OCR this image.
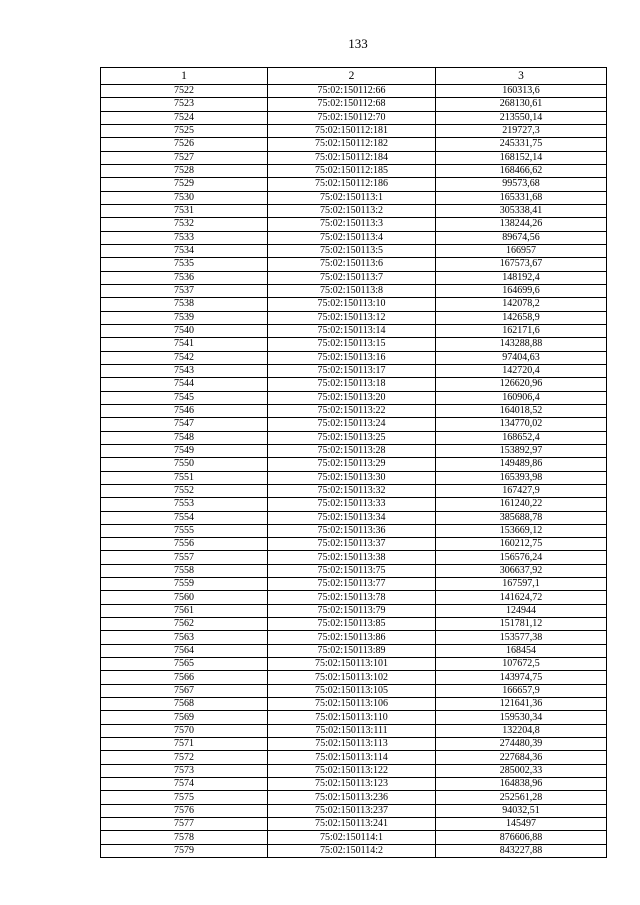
133
1	2	3
7522	75:02:150112:66	160313,6
7523	75:02:150112:68	268130,61
7524	75:02:150112:70	213550,14
7525	75:02:150112:181	219727,3
7526	75:02:150112:182	245331,75
7527	75:02:150112:184	168152,14
7528	75:02:150112:185	168466,62
7529	75:02:150112:186	99573,68
7530	75:02:150113:1	165331,68
7531	75:02:150113:2	305338,41
7532	75:02:150113:3	138244,26
7533	75:02:150113:4	89674,56
7534	75:02:150113:5	166957
7535	75:02:150113:6	167573,67
7536	75:02:150113:7	148192,4
7537	75:02:150113:8	164699,6
7538	75:02:150113:10	142078,2
7539	75:02:150113:12	142658,9
7540	75:02:150113:14	162171,6
7541	75:02:150113:15	143288,88
7542	75:02:150113:16	97404,63
7543	75:02:150113:17	142720,4
7544	75:02:150113:18	126620,96
7545	75:02:150113:20	160906,4
7546	75:02:150113:22	164018,52
7547	75:02:150113:24	134770,02
7548	75:02:150113:25	168652,4
7549	75:02:150113:28	153892,97
7550	75:02:150113:29	149489,86
7551	75:02:150113:30	165393,98
7552	75:02:150113:32	167427,9
7553	75:02:150113:33	161240,22
7554	75:02:150113:34	385688,78
7555	75:02:150113:36	153669,12
7556	75:02:150113:37	160212,75
7557	75:02:150113:38	156576,24
7558	75:02:150113:75	306637,92
7559	75:02:150113:77	167597,1
7560	75:02:150113:78	141624,72
7561	75:02:150113:79	124944
7562	75:02:150113:85	151781,12
7563	75:02:150113:86	153577,38
7564	75:02:150113:89	168454
7565	75:02:150113:101	107672,5
7566	75:02:150113:102	143974,75
7567	75:02:150113:105	166657,9
7568	75:02:150113:106	121641,36
7569	75:02:150113:110	159530,34
7570	75:02:150113:111	132204,8
7571	75:02:150113:113	274480,39
7572	75:02:150113:114	227684,36
7573	75:02:150113:122	285002,33
7574	75:02:150113:123	164838,96
7575	75:02:150113:236	252561,28
7576	75:02:150113:237	94032,51
7577	75:02:150113:241	145497
7578	75:02:150114:1	876606,88
7579	75:02:150114:2	843227,88
